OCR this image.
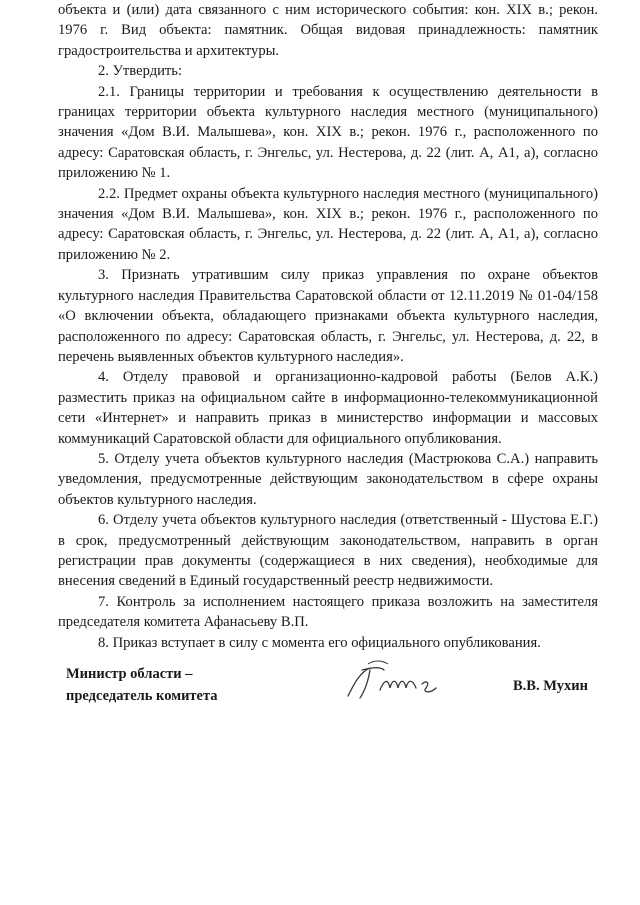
объекта и (или) дата связанного с ним исторического события: кон. XIX в.; рекон. 1976 г. Вид объекта: памятник. Общая видовая принадлежность: памятник градостроительства и архитектуры.

2. Утвердить:

2.1. Границы территории и требования к осуществлению деятельности в границах территории объекта культурного наследия местного (муниципального) значения «Дом В.И. Малышева», кон. XIX в.; рекон. 1976 г., расположенного по адресу: Саратовская область, г. Энгельс, ул. Нестерова, д. 22 (лит. А, А1, а), согласно приложению № 1.

2.2. Предмет охраны объекта культурного наследия местного (муниципального) значения «Дом В.И. Малышева», кон. XIX в.; рекон. 1976 г., расположенного по адресу: Саратовская область, г. Энгельс, ул. Нестерова, д. 22 (лит. А, А1, а), согласно приложению № 2.

3. Признать утратившим силу приказ управления по охране объектов культурного наследия Правительства Саратовской области от 12.11.2019 № 01-04/158 «О включении объекта, обладающего признаками объекта культурного наследия, расположенного по адресу: Саратовская область, г. Энгельс, ул. Нестерова, д. 22, в перечень выявленных объектов культурного наследия».

4. Отделу правовой и организационно-кадровой работы (Белов А.К.) разместить приказ на официальном сайте в информационно-телекоммуникационной сети «Интернет» и направить приказ в министерство информации и массовых коммуникаций Саратовской области для официального опубликования.

5. Отделу учета объектов культурного наследия (Мастрюкова С.А.) направить уведомления, предусмотренные действующим законодательством в сфере охраны объектов культурного наследия.

6. Отделу учета объектов культурного наследия (ответственный - Шустова Е.Г.) в срок, предусмотренный действующим законодательством, направить в орган регистрации прав документы (содержащиеся в них сведения), необходимые для внесения сведений в Единый государственный реестр недвижимости.

7. Контроль за исполнением настоящего приказа возложить на заместителя председателя комитета Афанасьеву В.П.

8. Приказ вступает в силу с момента его официального опубликования.

Министр области –
председатель комитета
В.В. Мухин
